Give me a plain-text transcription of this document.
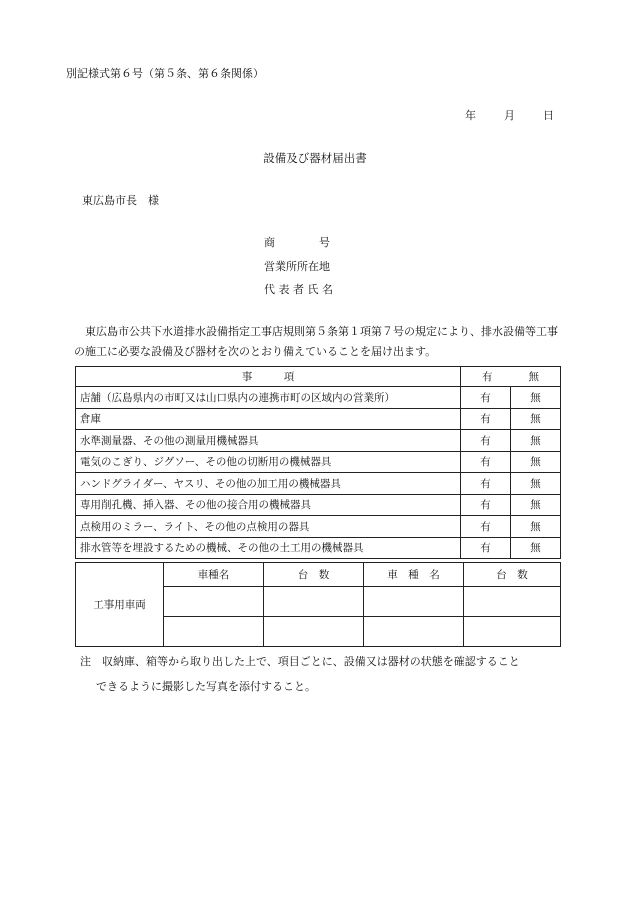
別記様式第６号（第５条、第６条関係）
年	月	日
設備及び器材届出書
東広島市長　様
商　　　　号
営業所所在地
代 表 者 氏 名
東広島市公共下水道排水設備指定工事店規則第５条第１項第７号の規定により、排水設備等工事の施工に必要な設備及び器材を次のとおり備えていることを届け出ます。
事　　　項	有 無	
店舗（広島県内の市町又は山口県内の連携市町の区域内の営業所）	有	無
倉庫	有	無
水準測量器、その他の測量用機械器具	有	無
電気のこぎり、ジグソー、その他の切断用の機械器具	有	無
ハンドグライダー、ヤスリ、その他の加工用の機械器具	有	無
専用削孔機、挿入器、その他の接合用の機械器具	有	無
点検用のミラー、ライト、その他の点検用の器具	有	無
排水管等を埋設するための機械、その他の土工用の機械器具	有	無
工事用車両	車種名	台　数	車　種　名	台　数

注　収納庫、箱等から取り出した上で、項目ごとに、設備又は器材の状態を確認すること
できるように撮影した写真を添付すること。
